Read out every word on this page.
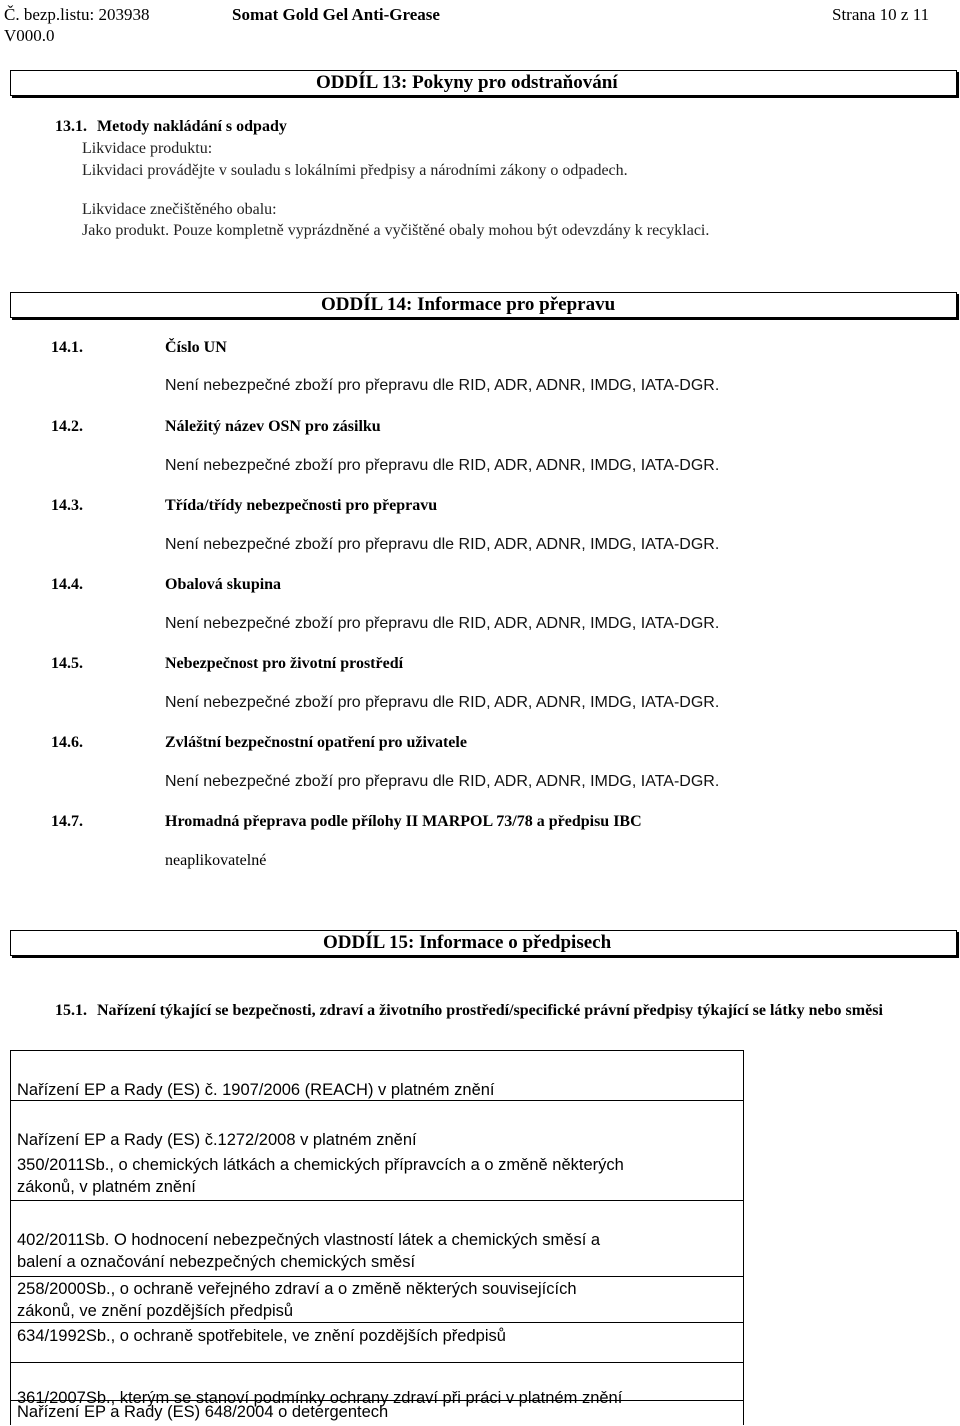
Č. bezp.listu: 203938
V000.0
Somat Gold Gel Anti-Grease	Strana 10 z 11
ODDÍL 13: Pokyny pro odstraňování
13.1. Metody nakládání s odpady
Likvidace produktu:
Likvidaci provádějte v souladu s lokálními předpisy a národními zákony o odpadech.
Likvidace znečištěného obalu:
Jako produkt. Pouze kompletně vyprázdněné a vyčištěné obaly mohou být odevzdány k recyklaci.
ODDÍL 14: Informace pro přepravu
14.1.	Číslo UN
Není nebezpečné zboží pro přepravu dle RID, ADR, ADNR, IMDG, IATA-DGR.
14.2.	Náležitý název OSN pro zásilku
Není nebezpečné zboží pro přepravu dle RID, ADR, ADNR, IMDG, IATA-DGR.
14.3.	Třída/třídy nebezpečnosti pro přepravu
Není nebezpečné zboží pro přepravu dle RID, ADR, ADNR, IMDG, IATA-DGR.
14.4.	Obalová skupina
Není nebezpečné zboží pro přepravu dle RID, ADR, ADNR, IMDG, IATA-DGR.
14.5.	Nebezpečnost pro životní prostředí
Není nebezpečné zboží pro přepravu dle RID, ADR, ADNR, IMDG, IATA-DGR.
14.6.	Zvláštní bezpečnostní opatření pro uživatele
Není nebezpečné zboží pro přepravu dle RID, ADR, ADNR, IMDG, IATA-DGR.
14.7.	Hromadná přeprava podle přílohy II MARPOL 73/78 a předpisu IBC
neaplikovatelné
ODDÍL 15: Informace o předpisech
15.1. Nařízení týkající se bezpečnosti, zdraví a životního prostředí/specifické právní předpisy týkající se látky nebo směsi
Nařízení EP a Rady (ES) č. 1907/2006 (REACH) v platném znění
Nařízení EP a Rady (ES) č.1272/2008 v platném znění
350/2011Sb., o chemických látkách a chemických přípravcích a o změně některých
zákonů, v platném znění
402/2011Sb. O hodnocení nebezpečných vlastností látek a chemických směsí a
balení a označování nebezpečných chemických směsí
258/2000Sb., o ochraně veřejného zdraví a o změně některých souvisejících
zákonů, ve znění pozdějších předpisů
634/1992Sb., o ochraně spotřebitele, ve znění pozdějších předpisů
361/2007Sb., kterým se stanoví podmínky ochrany zdraví při práci v platném znění
Nařízení EP a Rady (ES) 648/2004 o detergentech
